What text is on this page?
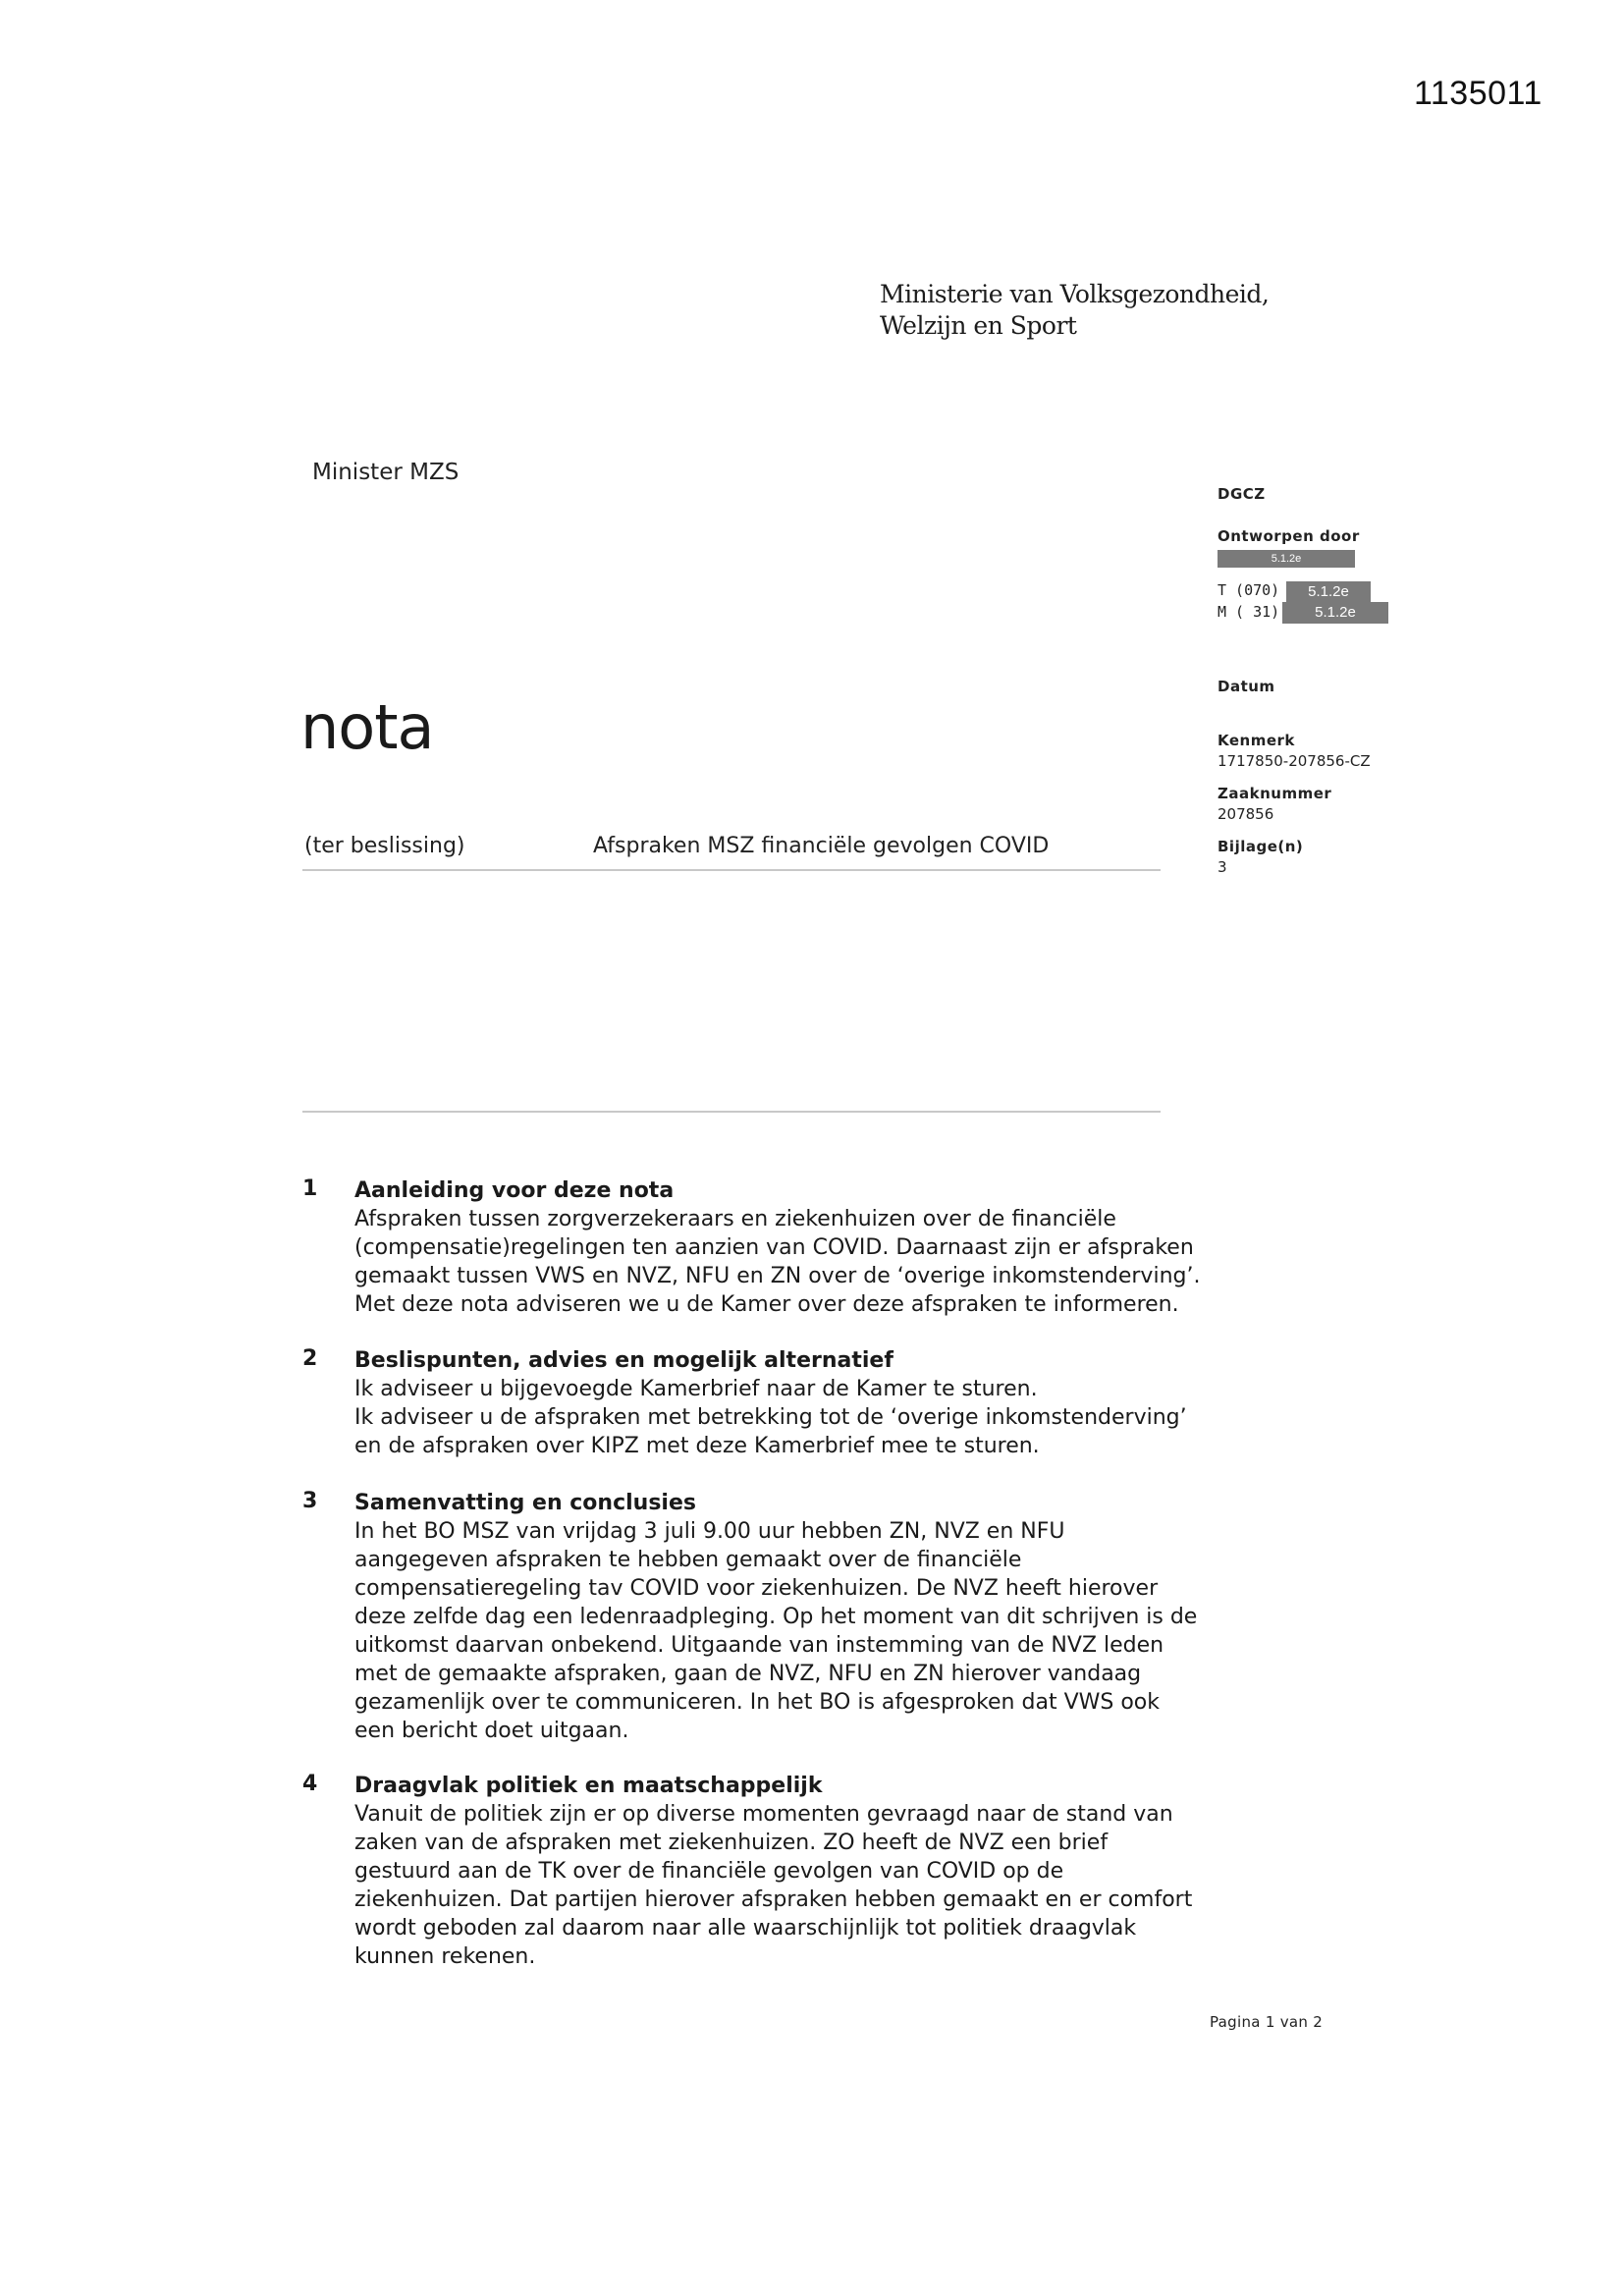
1135011
Ministerie van Volksgezondheid,
Welzijn en Sport
Minister MZS
nota
(ter beslissing)	Afspraken MSZ financiële gevolgen COVID
DGCZ
Ontworpen door
5.1.2e
T (070)	5.1.2e
M ( 31)	5.1.2e
Datum
Kenmerk
1717850-207856-CZ
Zaaknummer
207856
Bijlage(n)
3
1 Aanleiding voor deze nota
Afspraken tussen zorgverzekeraars en ziekenhuizen over de financiële
(compensatie)regelingen ten aanzien van COVID. Daarnaast zijn er afspraken
gemaakt tussen VWS en NVZ, NFU en ZN over de ‘overige inkomstenderving’.
Met deze nota adviseren we u de Kamer over deze afspraken te informeren.
2 Beslispunten, advies en mogelijk alternatief
Ik adviseer u bijgevoegde Kamerbrief naar de Kamer te sturen.
Ik adviseer u de afspraken met betrekking tot de ‘overige inkomstenderving’
en de afspraken over KIPZ met deze Kamerbrief mee te sturen.
3 Samenvatting en conclusies
In het BO MSZ van vrijdag 3 juli 9.00 uur hebben ZN, NVZ en NFU
aangegeven afspraken te hebben gemaakt over de financiële
compensatieregeling tav COVID voor ziekenhuizen. De NVZ heeft hierover
deze zelfde dag een ledenraadpleging. Op het moment van dit schrijven is de
uitkomst daarvan onbekend. Uitgaande van instemming van de NVZ leden
met de gemaakte afspraken, gaan de NVZ, NFU en ZN hierover vandaag
gezamenlijk over te communiceren. In het BO is afgesproken dat VWS ook
een bericht doet uitgaan.
4 Draagvlak politiek en maatschappelijk
Vanuit de politiek zijn er op diverse momenten gevraagd naar de stand van
zaken van de afspraken met ziekenhuizen. ZO heeft de NVZ een brief
gestuurd aan de TK over de financiële gevolgen van COVID op de
ziekenhuizen. Dat partijen hierover afspraken hebben gemaakt en er comfort
wordt geboden zal daarom naar alle waarschijnlijk tot politiek draagvlak
kunnen rekenen.
Pagina 1 van 2
